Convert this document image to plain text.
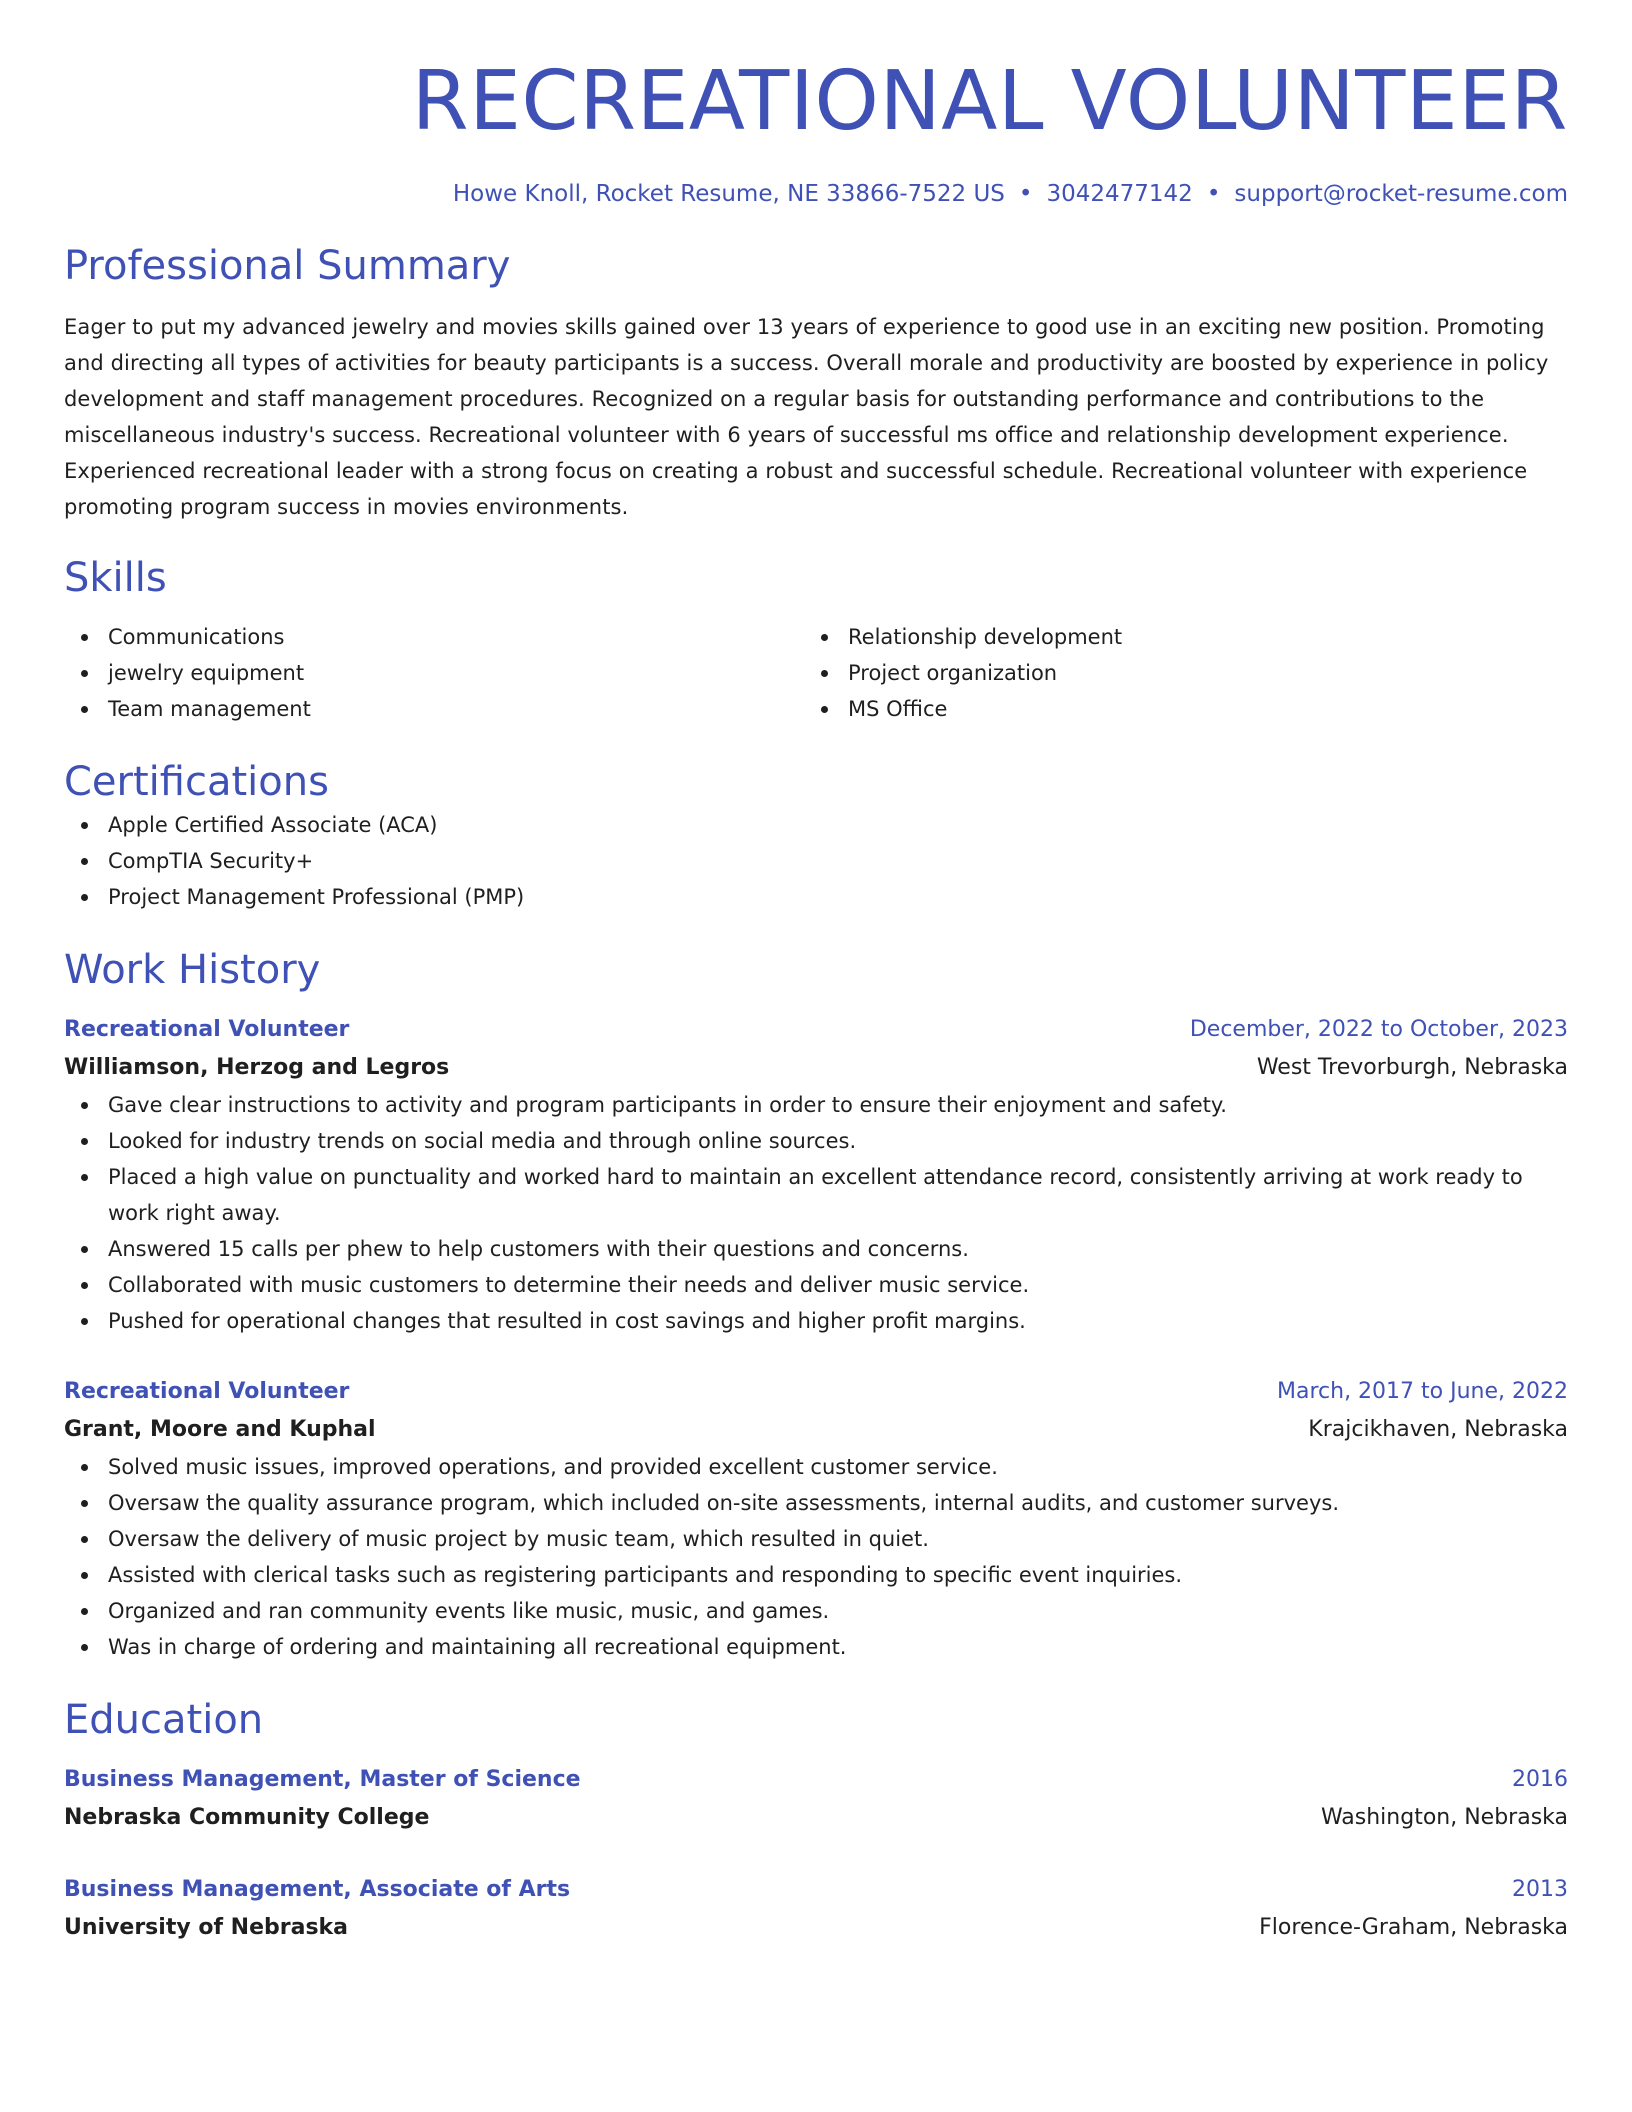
RECREATIONAL VOLUNTEER
Howe Knoll, Rocket Resume, NE 33866-7522 US • 3042477142 • support@rocket-resume.com
Professional Summary
Eager to put my advanced jewelry and movies skills gained over 13 years of experience to good use in an exciting new position. Promoting and directing all types of activities for beauty participants is a success. Overall morale and productivity are boosted by experience in policy development and staff management procedures. Recognized on a regular basis for outstanding performance and contributions to the miscellaneous industry's success. Recreational volunteer with 6 years of successful ms office and relationship development experience. Experienced recreational leader with a strong focus on creating a robust and successful schedule. Recreational volunteer with experience promoting program success in movies environments.
Skills
Communications
jewelry equipment
Team management
Relationship development
Project organization
MS Office
Certifications
Apple Certified Associate (ACA)
CompTIA Security+
Project Management Professional (PMP)
Work History
Recreational Volunteer	December, 2022 to October, 2023
Williamson, Herzog and Legros	West Trevorburgh, Nebraska
Gave clear instructions to activity and program participants in order to ensure their enjoyment and safety.
Looked for industry trends on social media and through online sources.
Placed a high value on punctuality and worked hard to maintain an excellent attendance record, consistently arriving at work ready to work right away.
Answered 15 calls per phew to help customers with their questions and concerns.
Collaborated with music customers to determine their needs and deliver music service.
Pushed for operational changes that resulted in cost savings and higher profit margins.
Recreational Volunteer	March, 2017 to June, 2022
Grant, Moore and Kuphal	Krajcikhaven, Nebraska
Solved music issues, improved operations, and provided excellent customer service.
Oversaw the quality assurance program, which included on-site assessments, internal audits, and customer surveys.
Oversaw the delivery of music project by music team, which resulted in quiet.
Assisted with clerical tasks such as registering participants and responding to specific event inquiries.
Organized and ran community events like music, music, and games.
Was in charge of ordering and maintaining all recreational equipment.
Education
Business Management, Master of Science	2016
Nebraska Community College	Washington, Nebraska
Business Management, Associate of Arts	2013
University of Nebraska	Florence-Graham, Nebraska
